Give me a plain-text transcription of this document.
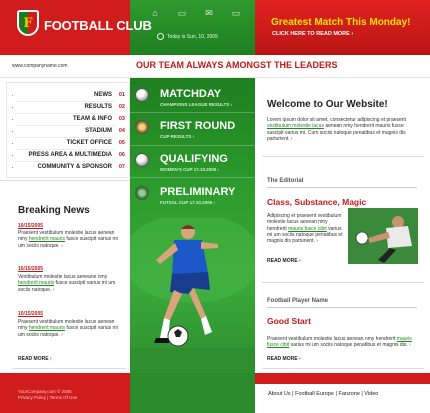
F FOOTBALL CLUB
⌂	▭	✉	▭
Today is Sun, 10, 2005
Greatest Match This Monday!
CLICK HERE TO READ MORE ›
www.companyname.com	OUR TEAM ALWAYS AMONGST THE LEADERS
NEWS	01
RESULTS	02
TEAM & INFO	03
STADIUM	04
TICKET OFFICE	05
PRESS AREA & MULTIMEDIA	06
COMMUNITY & SPONSOR	07
Breaking News
10/15/2005
Praesent vestibulum molestie lacus aenean nmy hendrerit mauris fusce suscipit varius mi um sociis natoque. ›
10/15/2005
Vestibulum molestie lacus aeneane nmy hendrerit mauris fusce suscipit varius mi um sociis natoque. ›
10/15/2005
Praesent vestibulum molestie lacus aenean nmy hendrerit mauris fusce suscipit varius mi um sociis natoque. ›
READ MORE ›
MATCHDAY
CHAMPIONS LEAGUE RESULTS ›
FIRST ROUND
CUP RESULTS ›
QUALIFYING
WOMEN'S CUP 17.10.2005 ›
PRELIMINARY
FUTSAL CUP 17.10.2005 ›
Welcome to Our Website!
Lorem ipsum dolor sit amet, consectetur adipiscing et praesent vestibulum molestie lacus aenean nmy hendrerit mauris fusce suscipit varius mi. Cum sociis natoque penatibus et magnis dis parturient. ›
The Editorial
Class, Substance, Magic
Adipiscing et praesent vestibulum molestie lacus aenean nmy hendrerit mauris fusce cibit varius mi um sociis natoque penatibus et magnis dis parturient. ›
READ MORE ›
Football Player Name
Good Start
Praesent vestibulum molestie lacus aenean nmy hendrerit mauris fusce cibit varius mi um sociis natoque penatibus et magnis dis. ›
READ MORE ›
YourCompany.com © 2005
Privacy Policy | Terms Of Use
About Us | Football Europe | Fanzone | Video
